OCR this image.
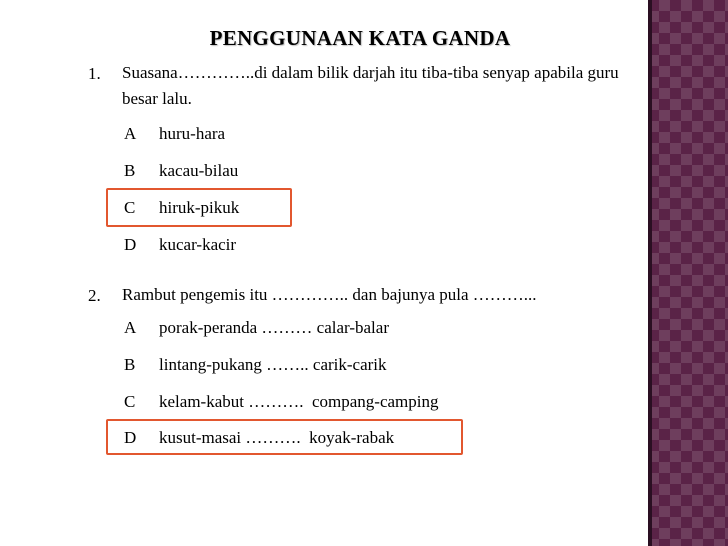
PENGGUNAAN KATA GANDA
1. Suasana…………..di dalam bilik darjah itu tiba-tiba senyap apabila guru besar lalu.
A huru-hara
B kacau-bilau
C hiruk-pikuk
D kucar-kacir
2. Rambut pengemis itu ………….. dan bajunya pula ………...
A porak-peranda ……… calar-balar
B lintang-pukang …….. carik-carik
C kelam-kabut ……….  compang-camping
D kusut-masai ……….  koyak-rabak
